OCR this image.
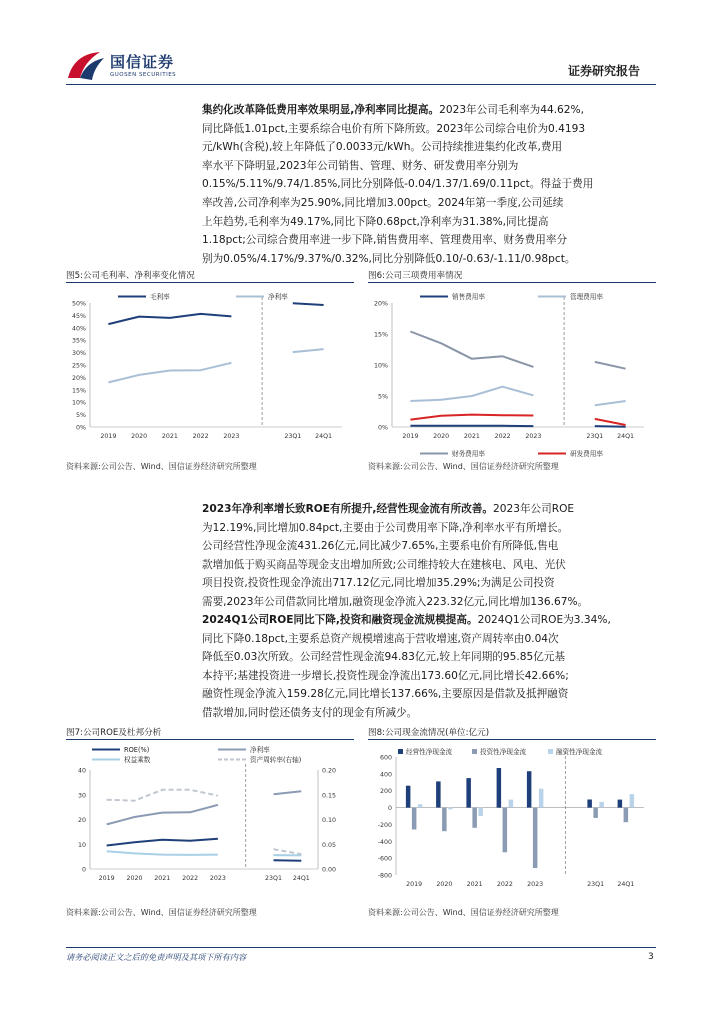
国信证券
GUOSEN SECURITIES	证券研究报告
集约化改革降低费用率效果明显,净利率同比提高。2023年公司毛利率为44.62%,
同比降低1.01pct,主要系综合电价有所下降所致。2023年公司综合电价为0.4193
元/kWh(含税),较上年降低了0.0033元/kWh。公司持续推进集约化改革,费用
率水平下降明显,2023年公司销售、管理、财务、研发费用率分别为
0.15%/5.11%/9.74/1.85%,同比分别降低-0.04/1.37/1.69/0.11pct。得益于费用
率改善,公司净利率为25.90%,同比增加3.00pct。2024年第一季度,公司延续
上年趋势,毛利率为49.17%,同比下降0.68pct,净利率为31.38%,同比提高
1.18pct;公司综合费用率进一步下降,销售费用率、管理费用率、财务费用率分
别为0.05%/4.17%/9.37%/0.32%,同比分别降低0.10/-0.63/-1.11/0.98pct。
图5:公司毛利率、净利率变化情况	图6:公司三项费用率情况
0%
5%
10%
15%
20%
25%
30%
35%
40%
45%
50%
2019 2020 2021 2022 2023	23Q1 24Q1
毛利率	净利率
0%
5%
10%
15%
20%
2019 2020 2021 2022 2023	23Q1 24Q1
销售费用率	管理费用率
财务费用率	研发费用率
资料来源:公司公告、Wind、国信证券经济研究所整理	资料来源:公司公告、Wind、国信证券经济研究所整理
2023年净利率增长致ROE有所提升,经营性现金流有所改善。2023年公司ROE
为12.19%,同比增加0.84pct,主要由于公司费用率下降,净利率水平有所增长。
公司经营性净现金流431.26亿元,同比减少7.65%,主要系电价有所降低,售电
款增加低于购买商品等现金支出增加所致;公司维持较大在建核电、风电、光伏
项目投资,投资性现金净流出717.12亿元,同比增加35.29%;为满足公司投资
需要,2023年公司借款同比增加,融资现金净流入223.32亿元,同比增加136.67%。
2024Q1公司ROE同比下降,投资和融资现金流规模提高。2024Q1公司ROE为3.34%,
同比下降0.18pct,主要系总资产规模增速高于营收增速,资产周转率由0.04次
降低至0.03次所致。公司经营性现金流94.83亿元,较上年同期的95.85亿元基
本持平;基建投资进一步增长,投资性现金净流出173.60亿元,同比增长42.66%;
融资性现金净流入159.28亿元,同比增长137.66%,主要原因是借款及抵押融资
借款增加,同时偿还债务支付的现金有所减少。
图7:公司ROE及杜邦分析	图8:公司现金流情况(单位:亿元)
0
10
20
30
40
0.00
0.05
0.10
0.15
0.20
2019 2020 2021 2022 2023	23Q1 24Q1
ROE(%)	净利率
权益乘数	资产周转率(右轴)
-800
-600
-400
-200
0
200
400
600
2019 2020 2021 2022 2023	23Q1 24Q1
经营性净现金流	投资性净现金流	融资性净现金流
资料来源:公司公告、Wind、国信证券经济研究所整理	资料来源:公司公告、Wind、国信证券经济研究所整理
请务必阅读正文之后的免责声明及其项下所有内容	3
